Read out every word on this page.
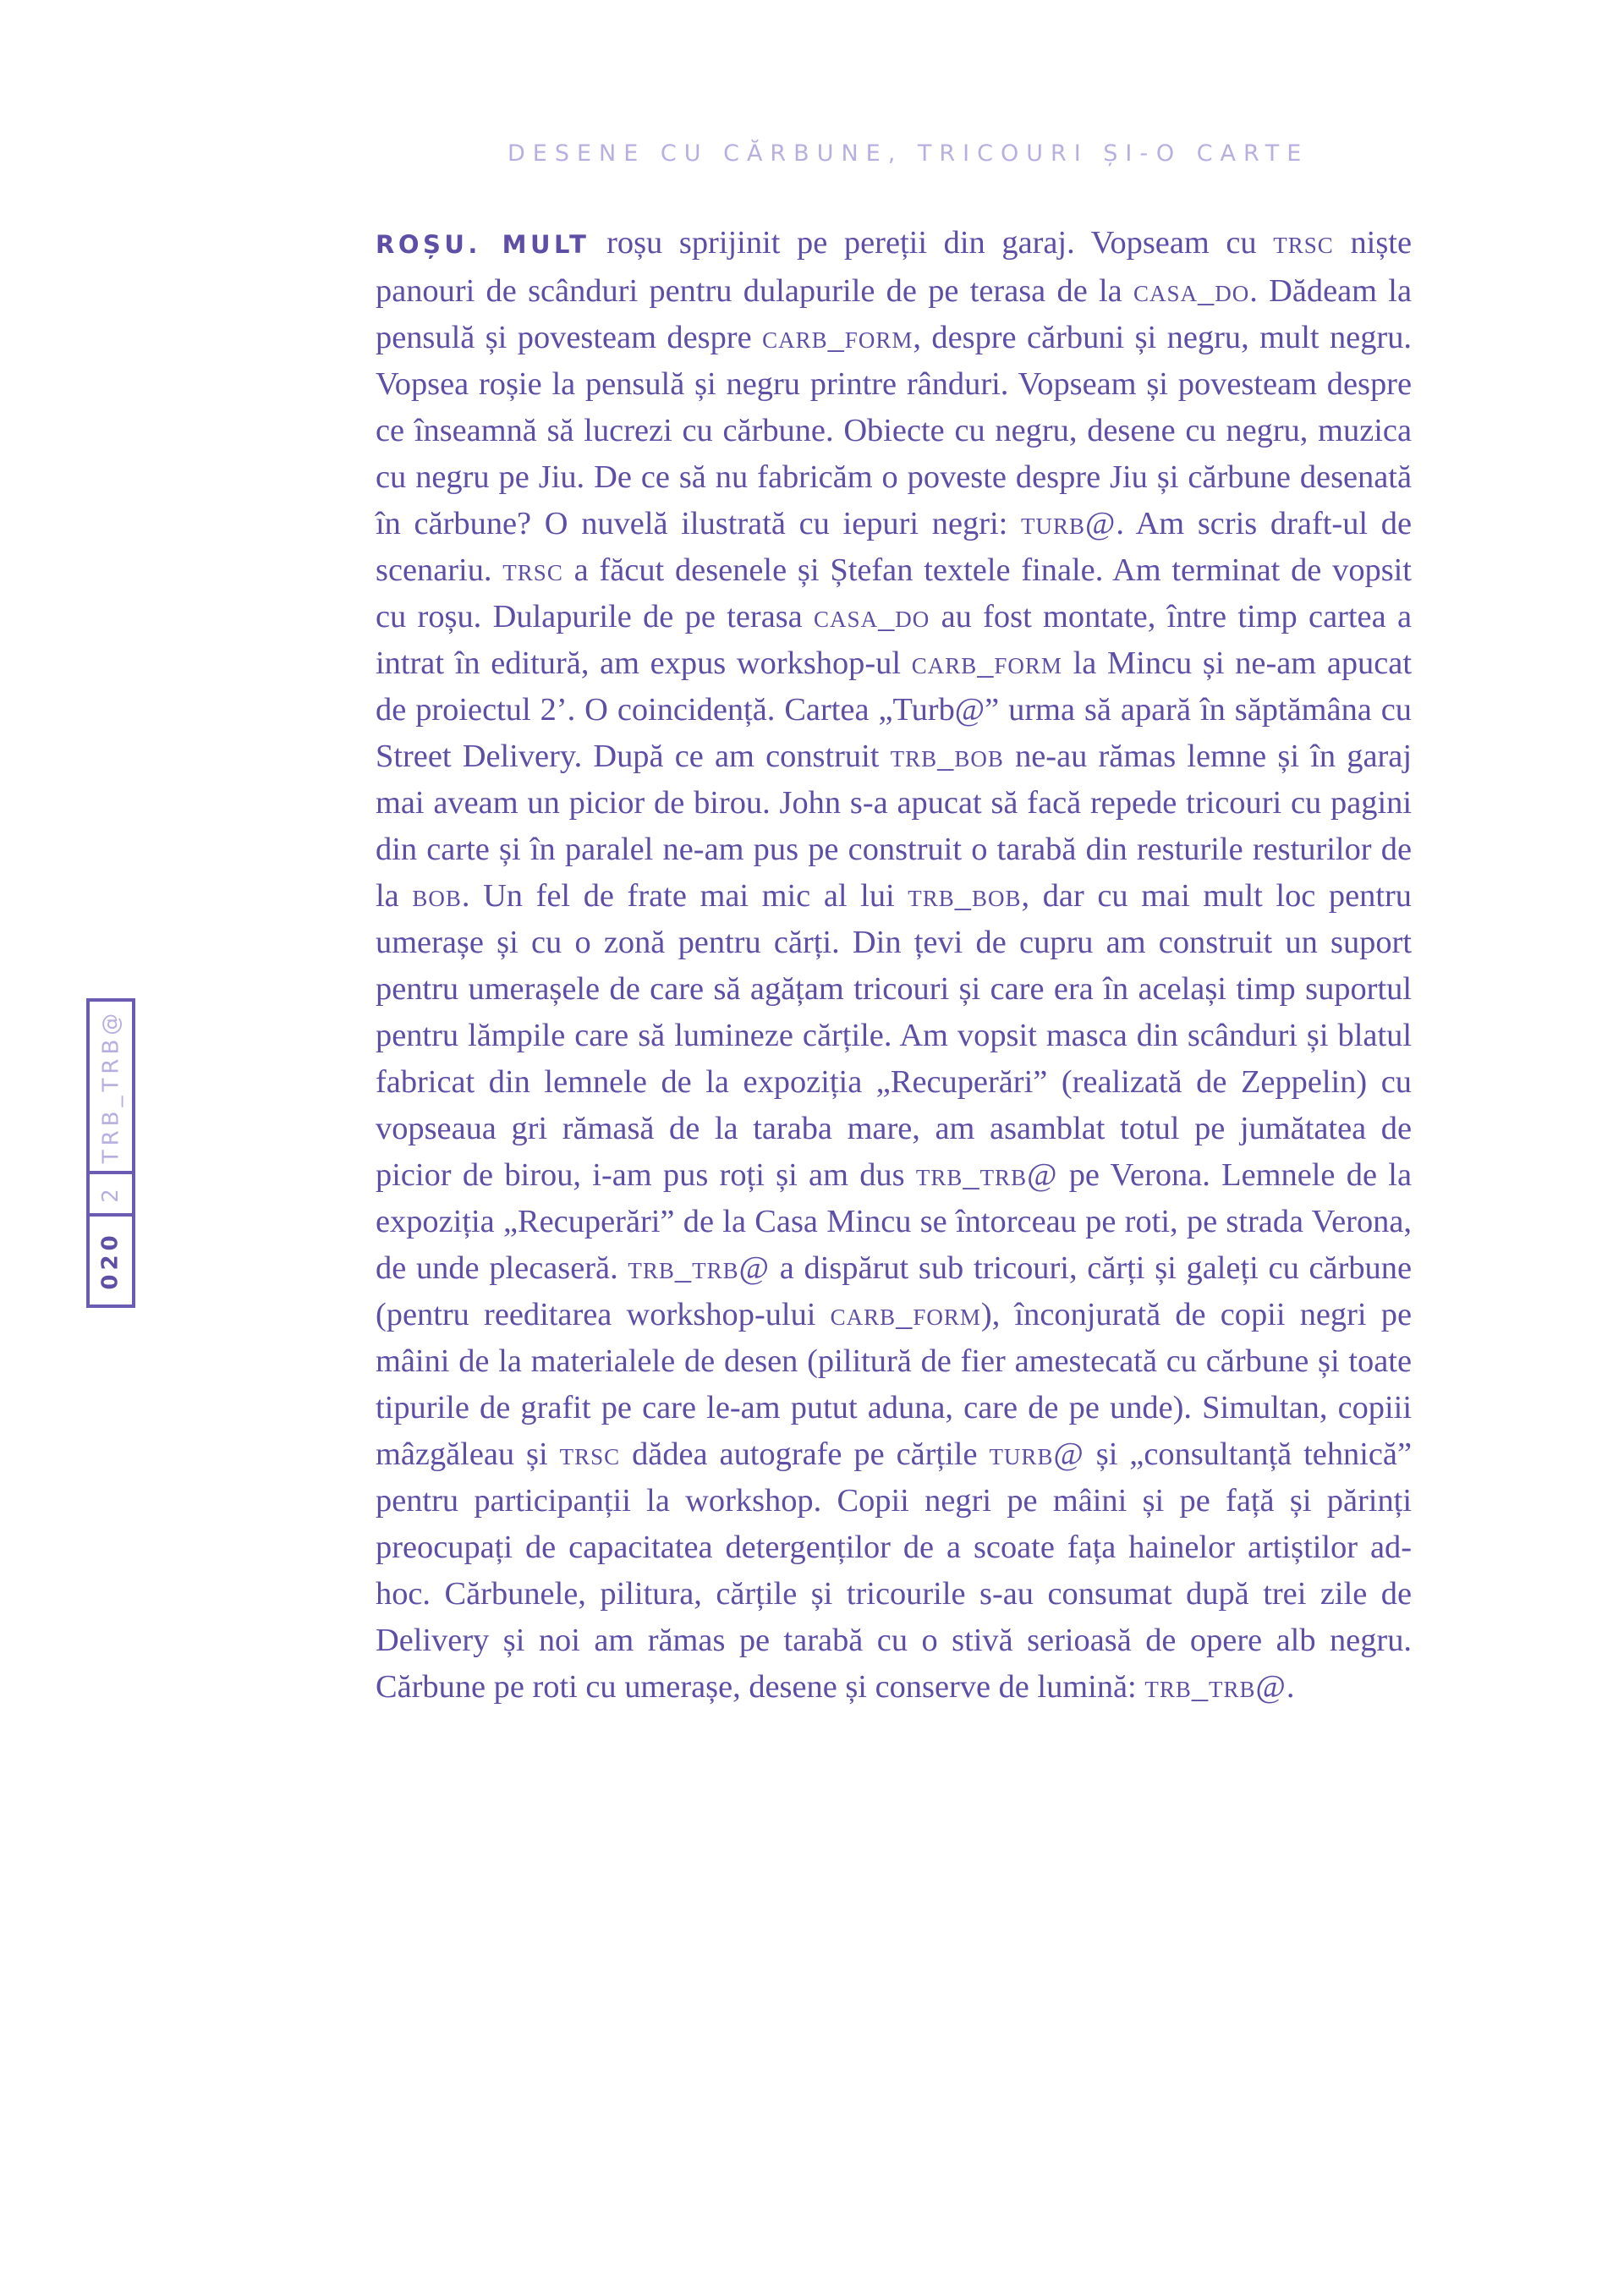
DESENE CU CĂRBUNE, TRICOURI ȘI-O CARTE
TRB_TRB@
2
020

ROȘU. MULT roșu sprijinit pe pereții din garaj. Vopseam cu trsc niște panouri de scânduri pentru dulapurile de pe terasa de la casa_do. Dădeam la pensulă și povesteam despre carb_form, despre cărbuni și negru, mult negru. Vopsea roșie la pensulă și negru printre rânduri. Vopseam și povesteam despre ce înseamnă să lucrezi cu cărbune. Obiecte cu negru, desene cu negru, muzica cu negru pe Jiu. De ce să nu fabricăm o poveste despre Jiu și cărbune desenată în cărbune? O nuvelă ilustrată cu iepuri negri: turb@. Am scris draft-ul de scenariu. trsc a făcut desenele și Ștefan textele finale. Am terminat de vopsit cu roșu. Dulapurile de pe terasa casa_do au fost montate, între timp cartea a intrat în editură, am expus workshop-ul carb_form la Mincu și ne-am apucat de proiectul 2’. O coincidență. Cartea „Turb@” urma să apară în săptămâna cu Street Delivery. După ce am construit trb_bob ne-au rămas lemne și în garaj mai aveam un picior de birou. John s-a apucat să facă repede tricouri cu pagini din carte și în paralel ne-am pus pe construit o tarabă din resturile resturilor de la bob. Un fel de frate mai mic al lui trb_bob, dar cu mai mult loc pentru umerașe și cu o zonă pentru cărți. Din țevi de cupru am construit un suport pentru umerașele de care să agățam tricouri și care era în același timp suportul pentru lămpile care să lumineze cărțile. Am vopsit masca din scânduri și blatul fabricat din lemnele de la expoziția „Recuperări” (realizată de Zeppelin) cu vopseaua gri rămasă de la taraba mare, am asamblat totul pe jumătatea de picior de birou, i-am pus roți și am dus trb_trb@ pe Verona. Lemnele de la expoziția „Recuperări” de la Casa Mincu se întorceau pe roti, pe strada Verona, de unde plecaseră. trb_trb@ a dispărut sub tricouri, cărți și galeți cu cărbune (pentru reeditarea workshop-ului carb_form), înconjurată de copii negri pe mâini de la materialele de desen (pilitură de fier amestecată cu cărbune și toate tipurile de grafit pe care le-am putut aduna, care de pe unde). Simultan, copiii mâzgăleau și trsc dădea autografe pe cărțile turb@ și „consultanță tehnică” pentru participanții la workshop. Copii negri pe mâini și pe față și părinți preocupați de capacitatea detergenților de a scoate fața hainelor artiștilor ad-hoc. Cărbunele, pilitura, cărțile și tricourile s-au consumat după trei zile de Delivery și noi am rămas pe tarabă cu o stivă serioasă de opere alb negru. Cărbune pe roti cu umerașe, desene și conserve de lumină: trb_trb@.
